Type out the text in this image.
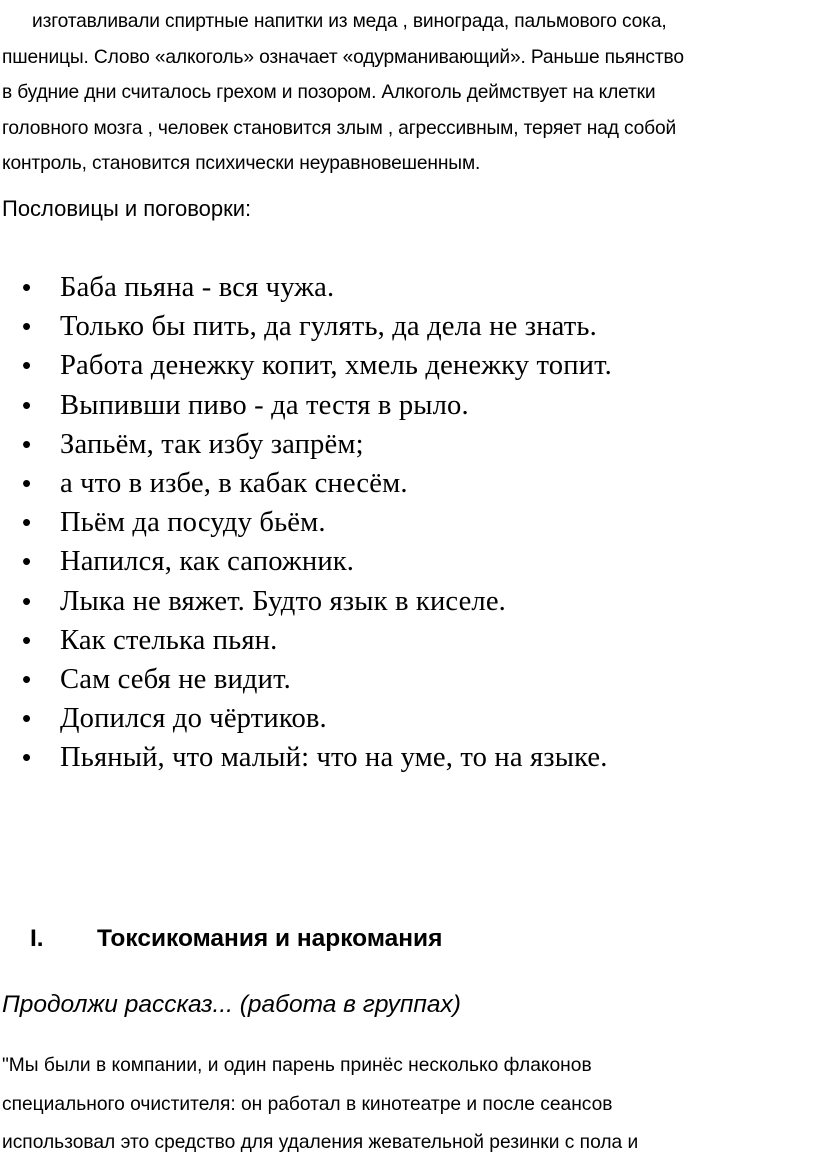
изготавливали спиртные напитки из меда , винограда, пальмового сока,
пшеницы. Слово «алкоголь» означает «одурманивающий». Раньше пьянство
в будние дни считалось грехом и позором. Алкоголь деймствует на клетки
головного мозга , человек становится злым , агрессивным, теряет над собой
контроль, становится психически неуравновешенным.
Пословицы и поговорки:
• Баба пьяна - вся чужа.
• Только бы пить, да гулять, да дела не знать.
• Работа денежку копит, хмель денежку топит.
• Выпивши пиво - да тестя в рыло.
• Запьём, так избу запрём;
• а что в избе, в кабак снесём.
• Пьём да посуду бьём.
• Напился, как сапожник.
• Лыка не вяжет. Будто язык в киселе.
• Как стелька пьян.
• Сам себя не видит.
• Допился до чёртиков.
• Пьяный, что малый: что на уме, то на языке.
I. Токсикомания и наркомания
Продолжи рассказ... (работа в группах)
"Мы были в компании, и один парень принёс несколько флаконов
специального очистителя: он работал в кинотеатре и после сеансов
использовал это средство для удаления жевательной резинки с пола и
